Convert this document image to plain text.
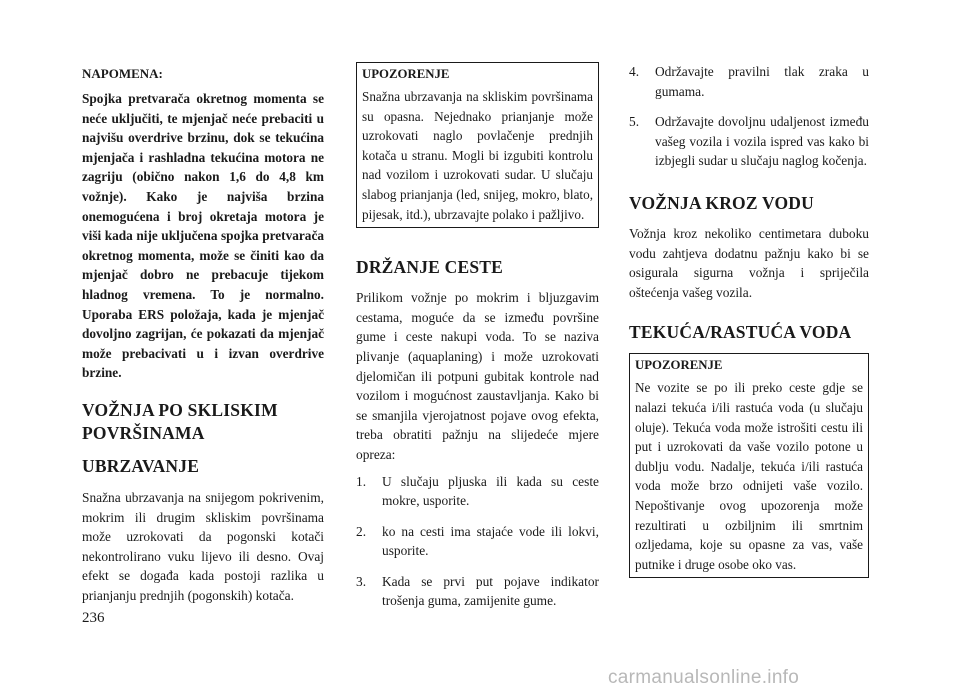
NAPOMENA:

Spojka pretvarača okretnog momenta se neće uključiti, te mjenjač neće prebaciti u najvišu overdrive brzinu, dok se tekućina mjenjača i rashladna tekućina motora ne zagriju (obično nakon 1,6 do 4,8 km vožnje). Kako je najviša brzina onemogućena i broj okretaja motora je viši kada nije uključena spojka pretvarača okretnog momenta, može se činiti kao da mjenjač dobro ne prebacuje tijekom hladnog vremena. To je normalno. Uporaba ERS položaja, kada je mjenjač dovoljno zagrijan, će pokazati da mjenjač može prebacivati u i izvan overdrive brzine.

VOŽNJA PO SKLISKIM POVRŠINAMA
UBRZAVANJE

Snažna ubrzavanja na snijegom pokrivenim, mokrim ili drugim skliskim površinama može uzrokovati da pogonski kotači nekontrolirano vuku lijevo ili desno. Ovaj efekt se događa kada postoji razlika u prianjanju prednjih (pogonskih) kotača.

UPOZORENJE

Snažna ubrzavanja na skliskim površinama su opasna. Nejednako prianjanje može uzrokovati naglo povlačenje prednjih kotača u stranu. Mogli bi izgubiti kontrolu nad vozilom i uzrokovati sudar. U slučaju slabog prianjanja (led, snijeg, mokro, blato, pijesak, itd.), ubrzavajte polako i pažljivo.

DRŽANJE CESTE

Prilikom vožnje po mokrim i bljuzgavim cestama, moguće da se između površine gume i ceste nakupi voda. To se naziva plivanje (aquaplaning) i može uzrokovati djelomičan ili potpuni gubitak kontrole nad vozilom i mogućnost zaustavljanja. Kako bi se smanjila vjerojatnost pojave ovog efekta, treba obratiti pažnju na slijedeće mjere opreza:

1. U slučaju pljuska ili kada su ceste mokre, usporite.
2. ko na cesti ima stajaće vode ili lokvi, usporite.
3. Kada se prvi put pojave indikator trošenja guma, zamijenite gume.
4. Održavajte pravilni tlak zraka u gumama.
5. Održavajte dovoljnu udaljenost između vašeg vozila i vozila ispred vas kako bi izbjegli sudar u slučaju naglog kočenja.
VOŽNJA KROZ VODU

Vožnja kroz nekoliko centimetara duboku vodu zahtjeva dodatnu pažnju kako bi se osigurala sigurna vožnja i spriječila oštećenja vašeg vozila.

TEKUĆA/RASTUĆA VODA

UPOZORENJE

Ne vozite se po ili preko ceste gdje se nalazi tekuća i/ili rastuća voda (u slučaju oluje). Tekuća voda može istrošiti cestu ili put i uzrokovati da vaše vozilo potone u dublju vodu. Nadalje, tekuća i/ili rastuća voda može brzo odnijeti vaše vozilo. Nepoštivanje ovog upozorenja može rezultirati u ozbiljnim ili smrtnim ozljedama, koje su opasne za vas, vaše putnike i druge osobe oko vas.

236
carmanualsonline.info
